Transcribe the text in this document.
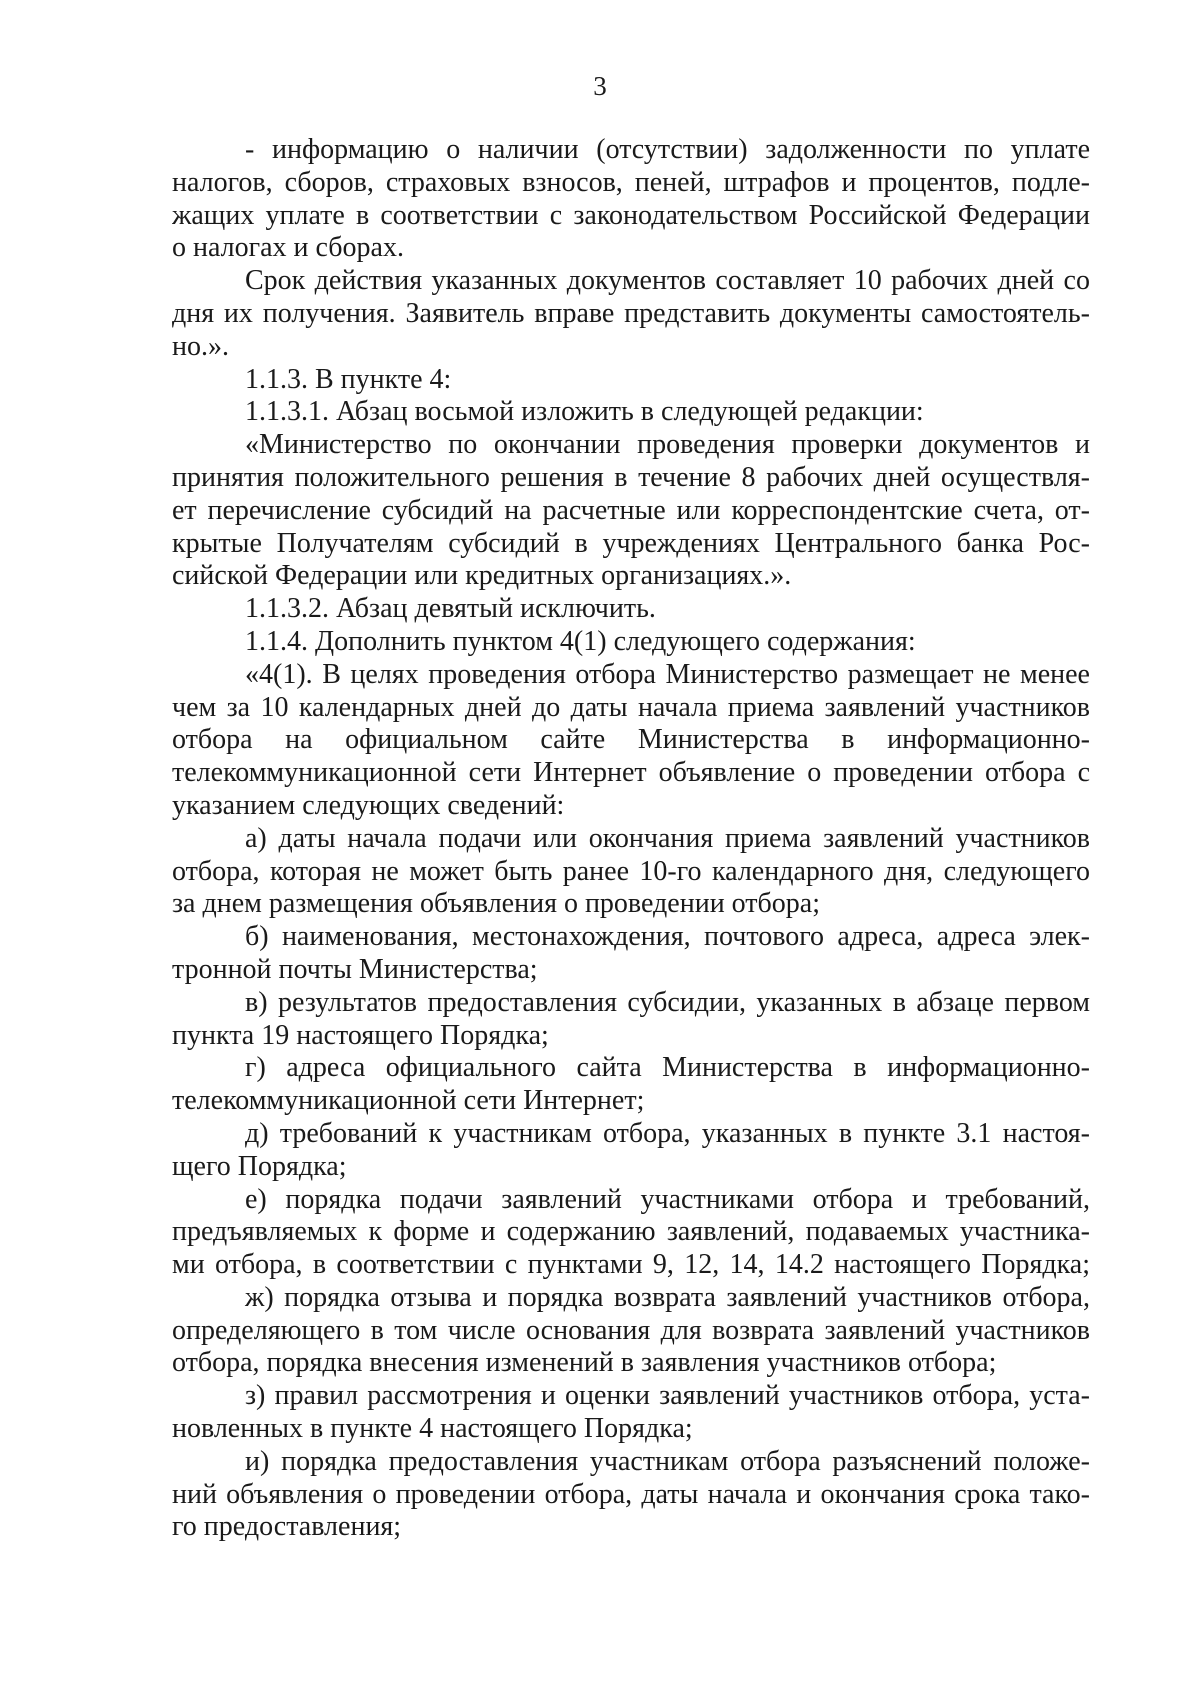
3
- информацию о наличии (отсутствии) задолженности по уплате
налогов, сборов, страховых взносов, пеней, штрафов и процентов, подле-
жащих уплате в соответствии с законодательством Российской Федерации
о налогах и сборах.
Срок действия указанных документов составляет 10 рабочих дней со
дня их получения. Заявитель вправе представить документы самостоятель-
но.».
1.1.3. В пункте 4:
1.1.3.1. Абзац восьмой изложить в следующей редакции:
«Министерство по окончании проведения проверки документов и
принятия положительного решения в течение 8 рабочих дней осуществля-
ет перечисление субсидий на расчетные или корреспондентские счета, от-
крытые Получателям субсидий в учреждениях Центрального банка Рос-
сийской Федерации или кредитных организациях.».
1.1.3.2. Абзац девятый исключить.
1.1.4. Дополнить пунктом 4(1) следующего содержания:
«4(1). В целях проведения отбора Министерство размещает не менее
чем за 10 календарных дней до даты начала приема заявлений участников
отбора на официальном сайте Министерства в информационно-
телекоммуникационной сети Интернет объявление о проведении отбора с
указанием следующих сведений:
а) даты начала подачи или окончания приема заявлений участников
отбора, которая не может быть ранее 10-го календарного дня, следующего
за днем размещения объявления о проведении отбора;
б) наименования, местонахождения, почтового адреса, адреса элек-
тронной почты Министерства;
в) результатов предоставления субсидии, указанных в абзаце первом
пункта 19 настоящего Порядка;
г) адреса официального сайта Министерства в информационно-
телекоммуникационной сети Интернет;
д) требований к участникам отбора, указанных в пункте 3.1 настоя-
щего Порядка;
е) порядка подачи заявлений участниками отбора и требований,
предъявляемых к форме и содержанию заявлений, подаваемых участника-
ми отбора, в соответствии с пунктами 9, 12, 14, 14.2 настоящего Порядка;
ж) порядка отзыва и порядка возврата заявлений участников отбора,
определяющего в том числе основания для возврата заявлений участников
отбора, порядка внесения изменений в заявления участников отбора;
з) правил рассмотрения и оценки заявлений участников отбора, уста-
новленных в пункте 4 настоящего Порядка;
и) порядка предоставления участникам отбора разъяснений положе-
ний объявления о проведении отбора, даты начала и окончания срока тако-
го предоставления;
